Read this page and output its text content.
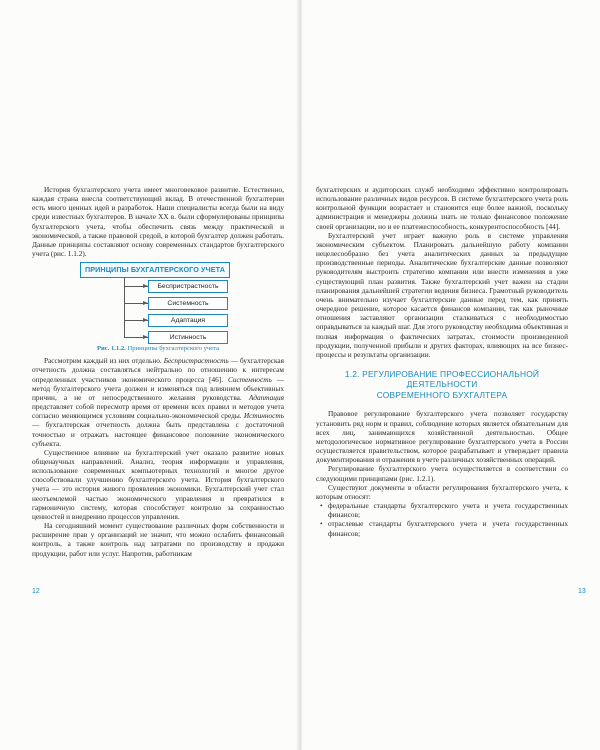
История бухгалтерского учета имеет многовековое развитие. Естественно, каждая страна внесла соответствующий вклад. В отечественной бухгалтерии есть много ценных идей и разработок. Наши специалисты всегда были на виду среди известных бухгалтеров. В начале ХХ в. были сформулированы принципы бухгалтерского учета, чтобы обеспечить связь между практической и экономической, а также правовой средой, в которой бухгалтер должен работать. Данные принципы составляют основу современных стандартов бухгалтерского учета (рис. 1.1.2).

ПРИНЦИПЫ БУХГАЛТЕРСКОГО УЧЕТА
Беспристрастность
Системность
Адаптация
Истинность
Рис. 1.1.2. Принципы бухгалтерского учета

Рассмотрим каждый из них отдельно. Беспристрастность — бухгалтерская отчетность должна составляться нейтрально по отношению к интересам определенных участников экономического процесса [46]. Системность — метод бухгалтерского учета должен и изменяться под влиянием объективных причин, а не от непосредственного желания руководства. Адаптация представляет собой пересмотр время от времени всех правил и методов учета согласно меняющимся условиям социально-экономической среды. Истинность — бухгалтерская отчетность должна быть представлена с достаточной точностью и отражать настоящее финансовое положение экономического субъекта.

Существенное влияние на бухгалтерский учет оказало развитие новых общенаучных направлений. Анализ, теория информации и управления, использование современных компьютерных технологий и многое другое способствовали улучшению бухгалтерского учета. История бухгалтерского учета — это история живого проявления экономики. Бухгалтерский учет стал неотъемлемой частью экономического управления и превратился в гармоничную систему, которая способствует контролю за сохранностью ценностей и внедрению процессов управления.

На сегодняшний момент существование различных форм собственности и расширение прав у организаций не значит, что можно ослабить финансовый контроль, а также контроль над затратами по производству и продажи продукции, работ или услуг. Напротив, работникам

12

бухгалтерских и аудиторских служб необходимо эффективно контролировать использование различных видов ресурсов. В системе бухгалтерского учета роль контрольной функции возрастает и становится еще более важной, поскольку администрация и менеджеры должны знать не только финансовое положение своей организации, но и ее платежеспособность, конкурентоспособность [44].

Бухгалтерский учет играет важную роль в системе управления экономическим субъектом. Планировать дальнейшую работу компании нецелесообразно без учета аналитических данных за предыдущие производственные периоды. Аналитические бухгалтерские данные позволяют руководителям выстроить стратегию компании или внести изменения в уже существующий план развития. Также бухгалтерский учет важен на стадии планирования дальнейшей стратегии ведения бизнеса. Грамотный руководитель очень внимательно изучает бухгалтерские данные перед тем, как принять очередное решение, которое касается финансов компании, так как рыночные отношения заставляют организации сталкиваться с необходимостью оправдываться за каждый шаг. Для этого руководству необходима объективная и полная информация о фактических затратах, стоимости произведенной продукции, полученной прибыли и других факторах, влияющих на все бизнес-процессы и результаты организации.

1.2. РЕГУЛИРОВАНИЕ ПРОФЕССИОНАЛЬНОЙ ДЕЯТЕЛЬНОСТИ
СОВРЕМЕННОГО БУХГАЛТЕРА

Правовое регулирование бухгалтерского учета позволяет государству установить ряд норм и правил, соблюдение которых является обязательным для всех лиц, занимающихся хозяйственной деятельностью. Общее методологическое нормативное регулирование бухгалтерского учета в России осуществляется правительством, которое разрабатывает и утверждает правила документирования и отражения в учете различных хозяйственных операций.

Регулирование бухгалтерского учета осуществляется в соответствии со следующими принципами (рис. 1.2.1).

Существуют документы в области регулирования бухгалтерского учета, к которым относят:

• федеральные стандарты бухгалтерского учета и учета государственных финансов;

• отраслевые стандарты бухгалтерского учета и учета государственных финансов;

13
